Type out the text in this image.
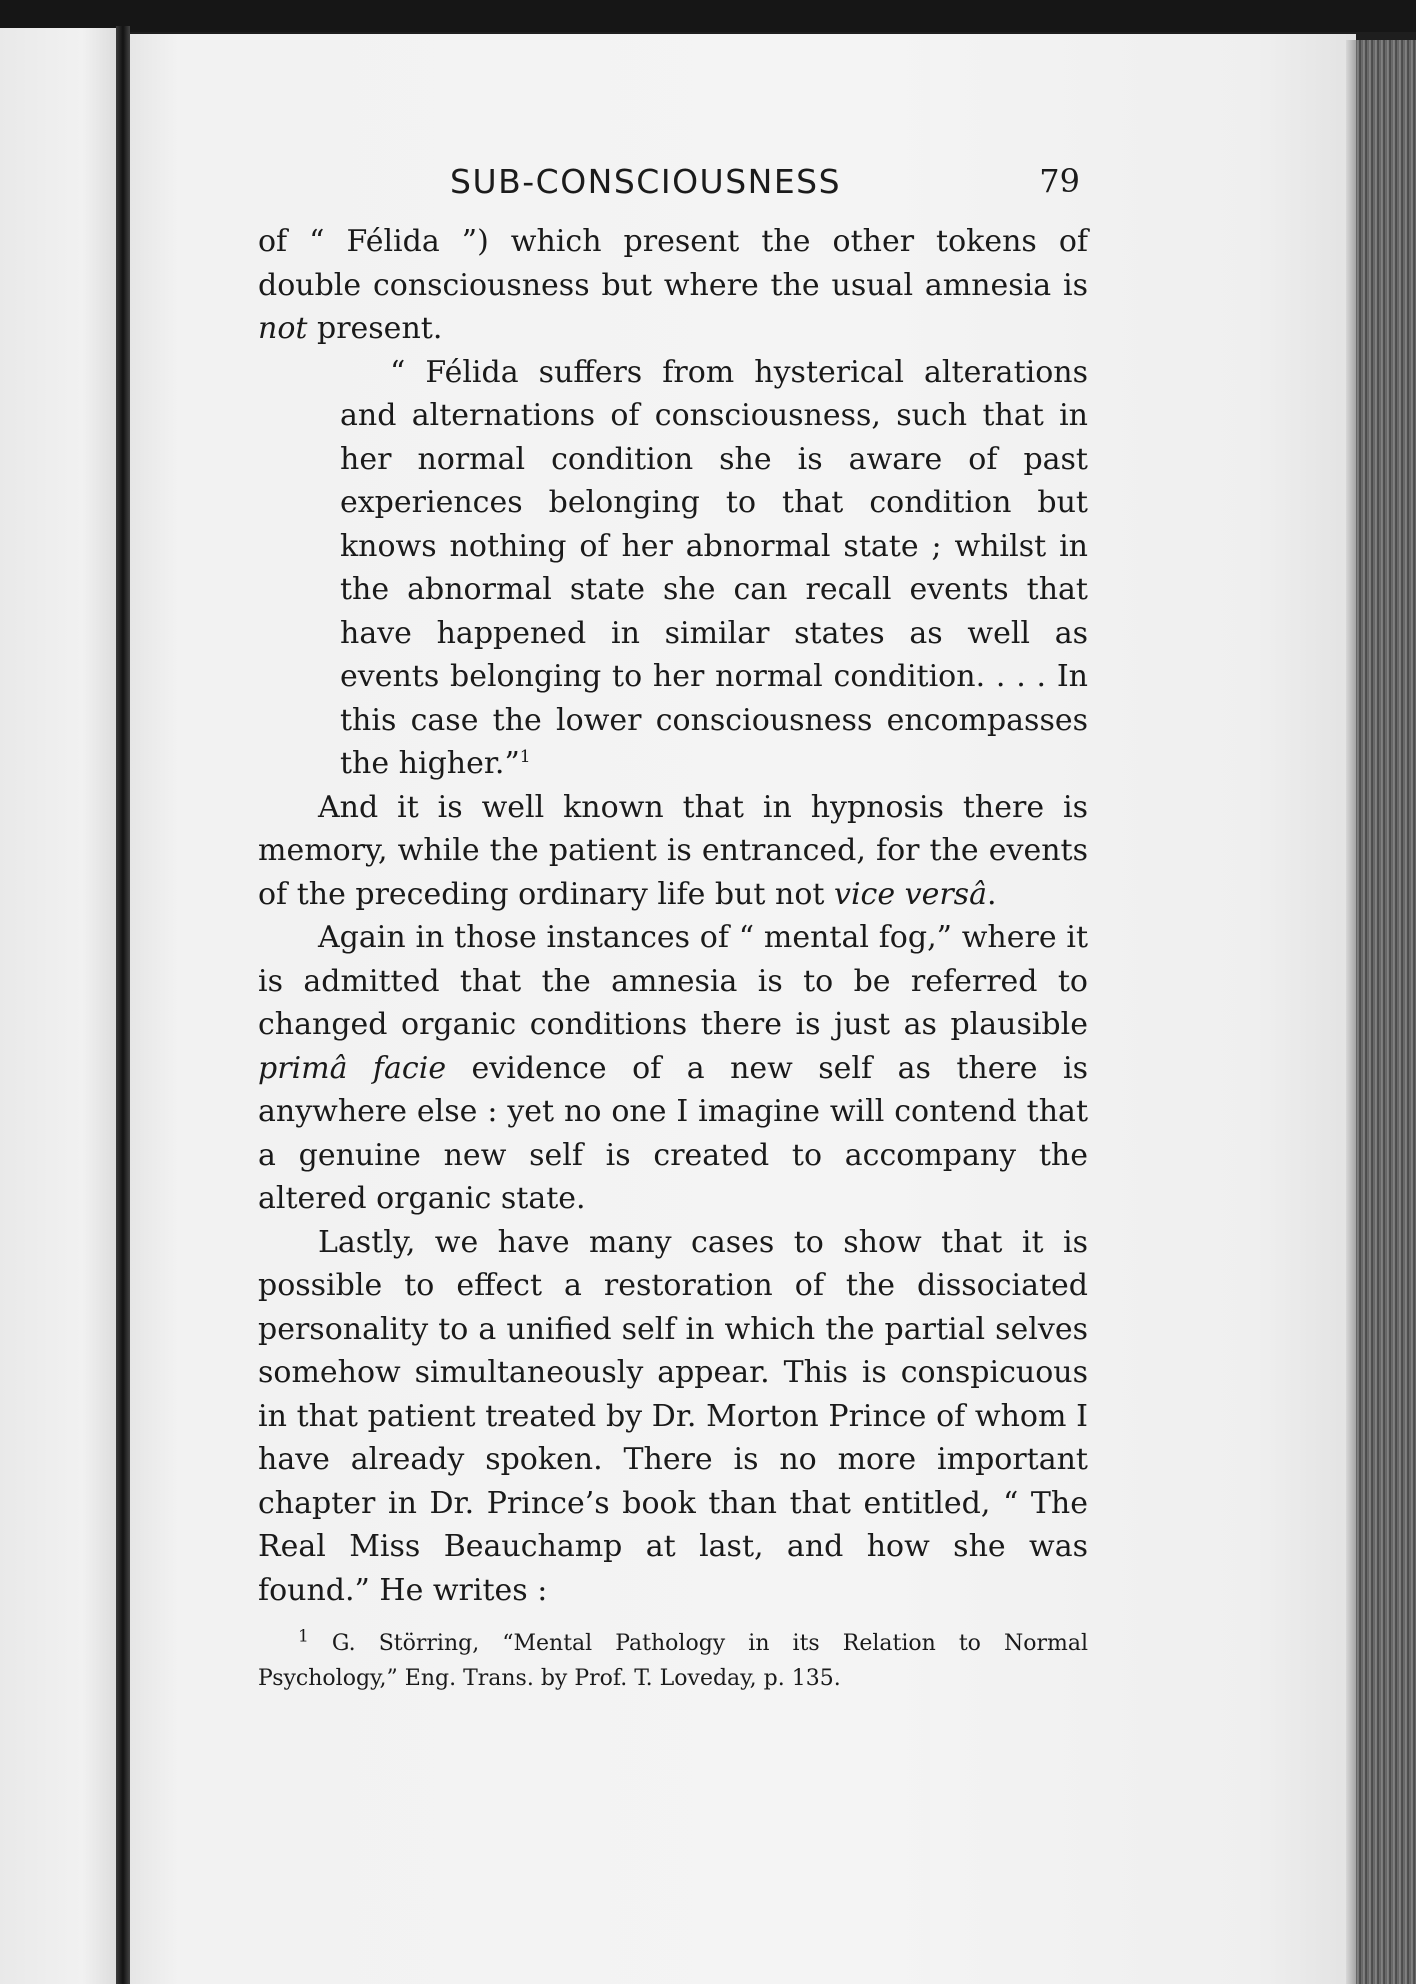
SUB-CONSCIOUSNESS	79

of “ Félida ”) which present the other tokens of double consciousness but where the usual amnesia is not present.

“ Félida suffers from hysterical alterations and alternations of consciousness, such that in her normal condition she is aware of past experiences belonging to that condition but knows nothing of her abnormal state ; whilst in the abnormal state she can recall events that have happened in similar states as well as events belonging to her normal condition. . . . In this case the lower consciousness encompasses the higher.”$^1$

And it is well known that in hypnosis there is memory, while the patient is entranced, for the events of the preceding ordinary life but not vice versâ.

Again in those instances of “ mental fog,” where it is admitted that the amnesia is to be referred to changed organic conditions there is just as plausible primâ facie evidence of a new self as there is anywhere else : yet no one I imagine will contend that a genuine new self is created to accompany the altered organic state.

Lastly, we have many cases to show that it is possible to effect a restoration of the dissociated personality to a unified self in which the partial selves somehow simultaneously appear. This is conspicuous in that patient treated by Dr. Morton Prince of whom I have already spoken. There is no more important chapter in Dr. Prince’s book than that entitled, “ The Real Miss Beauchamp at last, and how she was found.” He writes :

$^1$ G. Störring, “Mental Pathology in its Relation to Normal Psychology,” Eng. Trans. by Prof. T. Loveday, p. 135.
